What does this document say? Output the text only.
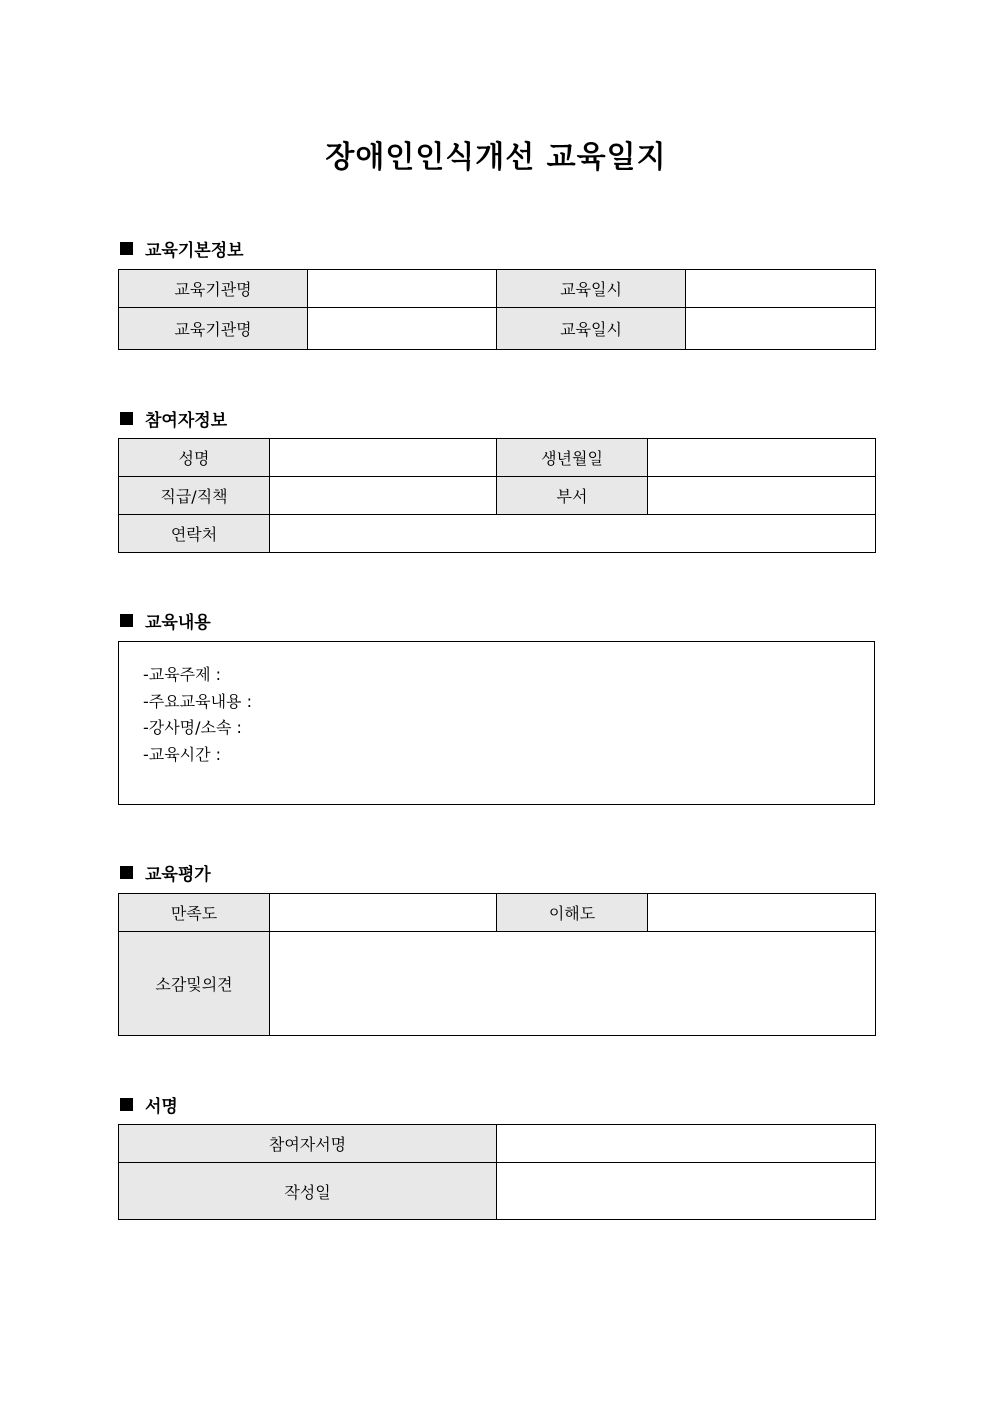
장애인인식개선 교육일지
교육기본정보
교육기관명		교육일시	
교육기관명		교육일시	
참여자정보
성명		생년월일	
직급/직책		부서	
연락처			
교육내용
-교육주제 :
-주요교육내용 :
-강사명/소속 :
-교육시간 :
교육평가
만족도		이해도	
소감및의견			
서명
참여자서명	
작성일	
